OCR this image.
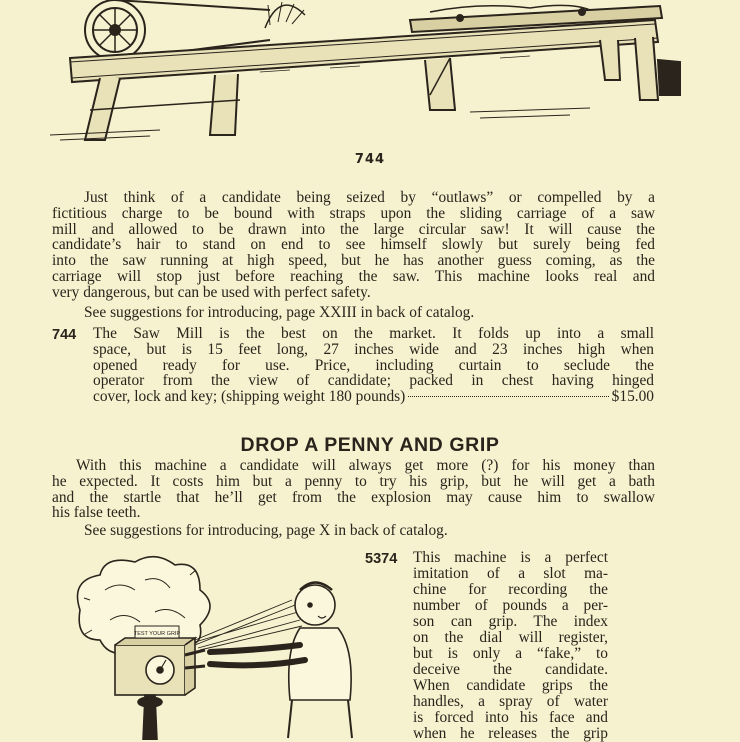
744
Just think of a candidate being seized by “outlaws” or compelled by a
fictitious charge to be bound with straps upon the sliding carriage of a saw
mill and allowed to be drawn into the large circular saw! It will cause the
candidate’s hair to stand on end to see himself slowly but surely being fed
into the saw running at high speed, but he has another guess coming, as the
carriage will stop just before reaching the saw. This machine looks real and
very dangerous, but can be used with perfect safety.
See suggestions for introducing, page XXIII in back of catalog.
744 The Saw Mill is the best on the market. It folds up into a small
space, but is 15 feet long, 27 inches wide and 23 inches high when
opened ready for use. Price, including curtain to seclude the
operator from the view of candidate; packed in chest having hinged
cover, lock and key; (shipping weight 180 pounds)	$15.00
DROP A PENNY AND GRIP
With this machine a candidate will always get more (?) for his money than
he expected. It costs him but a penny to try his grip, but he will get a bath
and the startle that he’ll get from the explosion may cause him to swallow
his false teeth.
See suggestions for introducing, page X in back of catalog.
5374 This machine is a perfect
imitation of a slot ma-
chine for recording the
number of pounds a per-
son can grip. The index
on the dial will register,
but is only a “fake,” to
deceive the candidate.
When candidate grips the
handles, a spray of water
is forced into his face and
when he releases the grip
TEST YOUR GRIP
